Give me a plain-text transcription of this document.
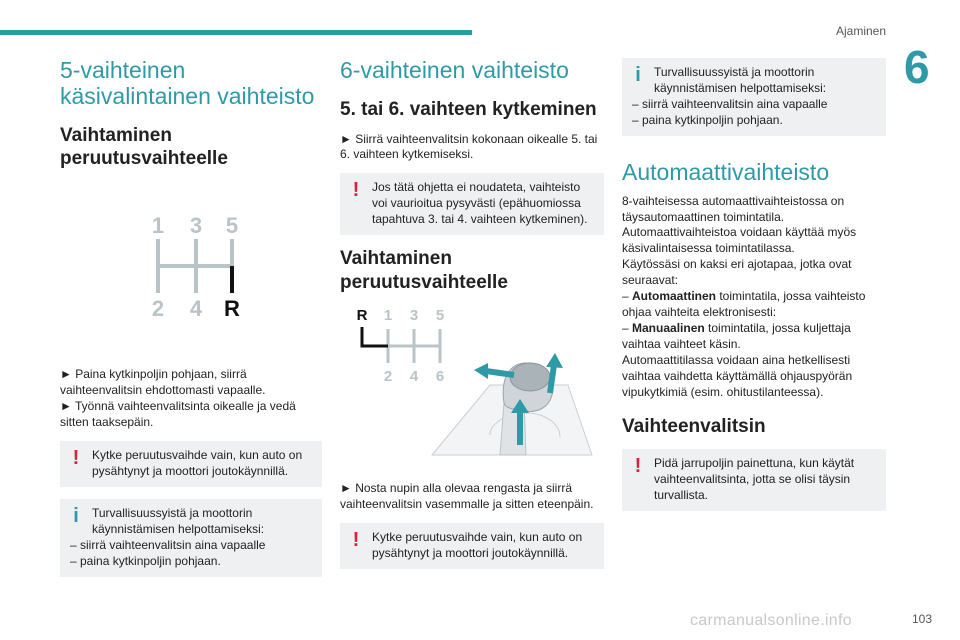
Ajaminen
6
5-vaihteinen
käsivalintainen vaihteisto
Vaihtaminen
peruutusvaihteelle
1 3 5
2 4 R

► Paina kytkinpoljin pohjaan, siirrä vaihteenvalitsin ehdottomasti vapaalle.

► Työnnä vaihteenvalitsinta oikealle ja vedä sitten taaksepäin.

! Kytke peruutusvaihde vain, kun auto on pysähtynyt ja moottori joutokäynnillä.
i Turvallisuussyistä ja moottorin käynnistämisen helpottamiseksi:
– siirrä vaihteenvalitsin aina vapaalle
– paina kytkinpoljin pohjaan.
6-vaihteinen vaihteisto
5. tai 6. vaihteen kytkeminen

► Siirrä vaihteenvalitsin kokonaan oikealle 5. tai 6. vaihteen kytkemiseksi.

! Jos tätä ohjetta ei noudateta, vaihteisto voi vaurioitua pysyvästi (epähuomiossa tapahtuva 3. tai 4. vaihteen kytkeminen).
Vaihtaminen
peruutusvaihteelle
R 1 3 5
2 4 6

► Nosta nupin alla olevaa rengasta ja siirrä vaihteenvalitsin vasemmalle ja sitten eteenpäin.

! Kytke peruutusvaihde vain, kun auto on pysähtynyt ja moottori joutokäynnillä.
i Turvallisuussyistä ja moottorin käynnistämisen helpottamiseksi:
– siirrä vaihteenvalitsin aina vapaalle
– paina kytkinpoljin pohjaan.
Automaattivaihteisto

8-vaihteisessa automaattivaihteistossa on täysautomaattinen toimintatila.

Automaattivaihteistoa voidaan käyttää myös käsivalintaisessa toimintatilassa.

Käytössäsi on kaksi eri ajotapaa, jotka ovat seuraavat:

– Automaattinen toimintatila, jossa vaihteisto ohjaa vaihteita elektronisesti:

– Manuaalinen toimintatila, jossa kuljettaja vaihtaa vaihteet käsin.

Automaattitilassa voidaan aina hetkellisesti vaihtaa vaihdetta käyttämällä ohjauspyörän vipukytkimiä (esim. ohitustilanteessa).

Vaihteenvalitsin
! Pidä jarrupoljin painettuna, kun käytät vaihteenvalitsinta, jotta se olisi täysin turvallista.
carmanualsonline.info	103
